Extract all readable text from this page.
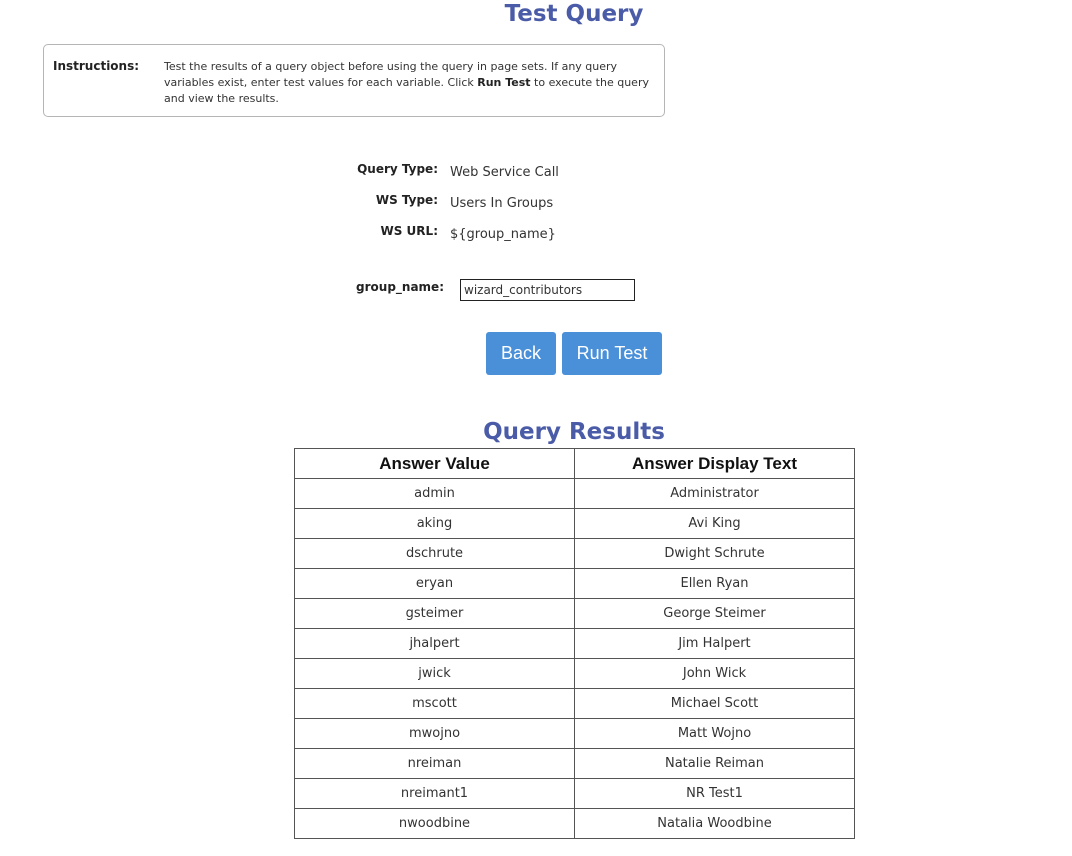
Test Query
Instructions: Test the results of a query object before using the query in page sets. If any query variables exist, enter test values for each variable. Click Run Test to execute the query and view the results.
Query Type: Web Service Call
WS Type: Users In Groups
WS URL: ${group_name}
group_name:
wizard_contributors
Back	Run Test
Query Results
Answer Value	Answer Display Text
admin	Administrator
aking	Avi King
dschrute	Dwight Schrute
eryan	Ellen Ryan
gsteimer	George Steimer
jhalpert	Jim Halpert
jwick	John Wick
mscott	Michael Scott
mwojno	Matt Wojno
nreiman	Natalie Reiman
nreimant1	NR Test1
nwoodbine	Natalia Woodbine
